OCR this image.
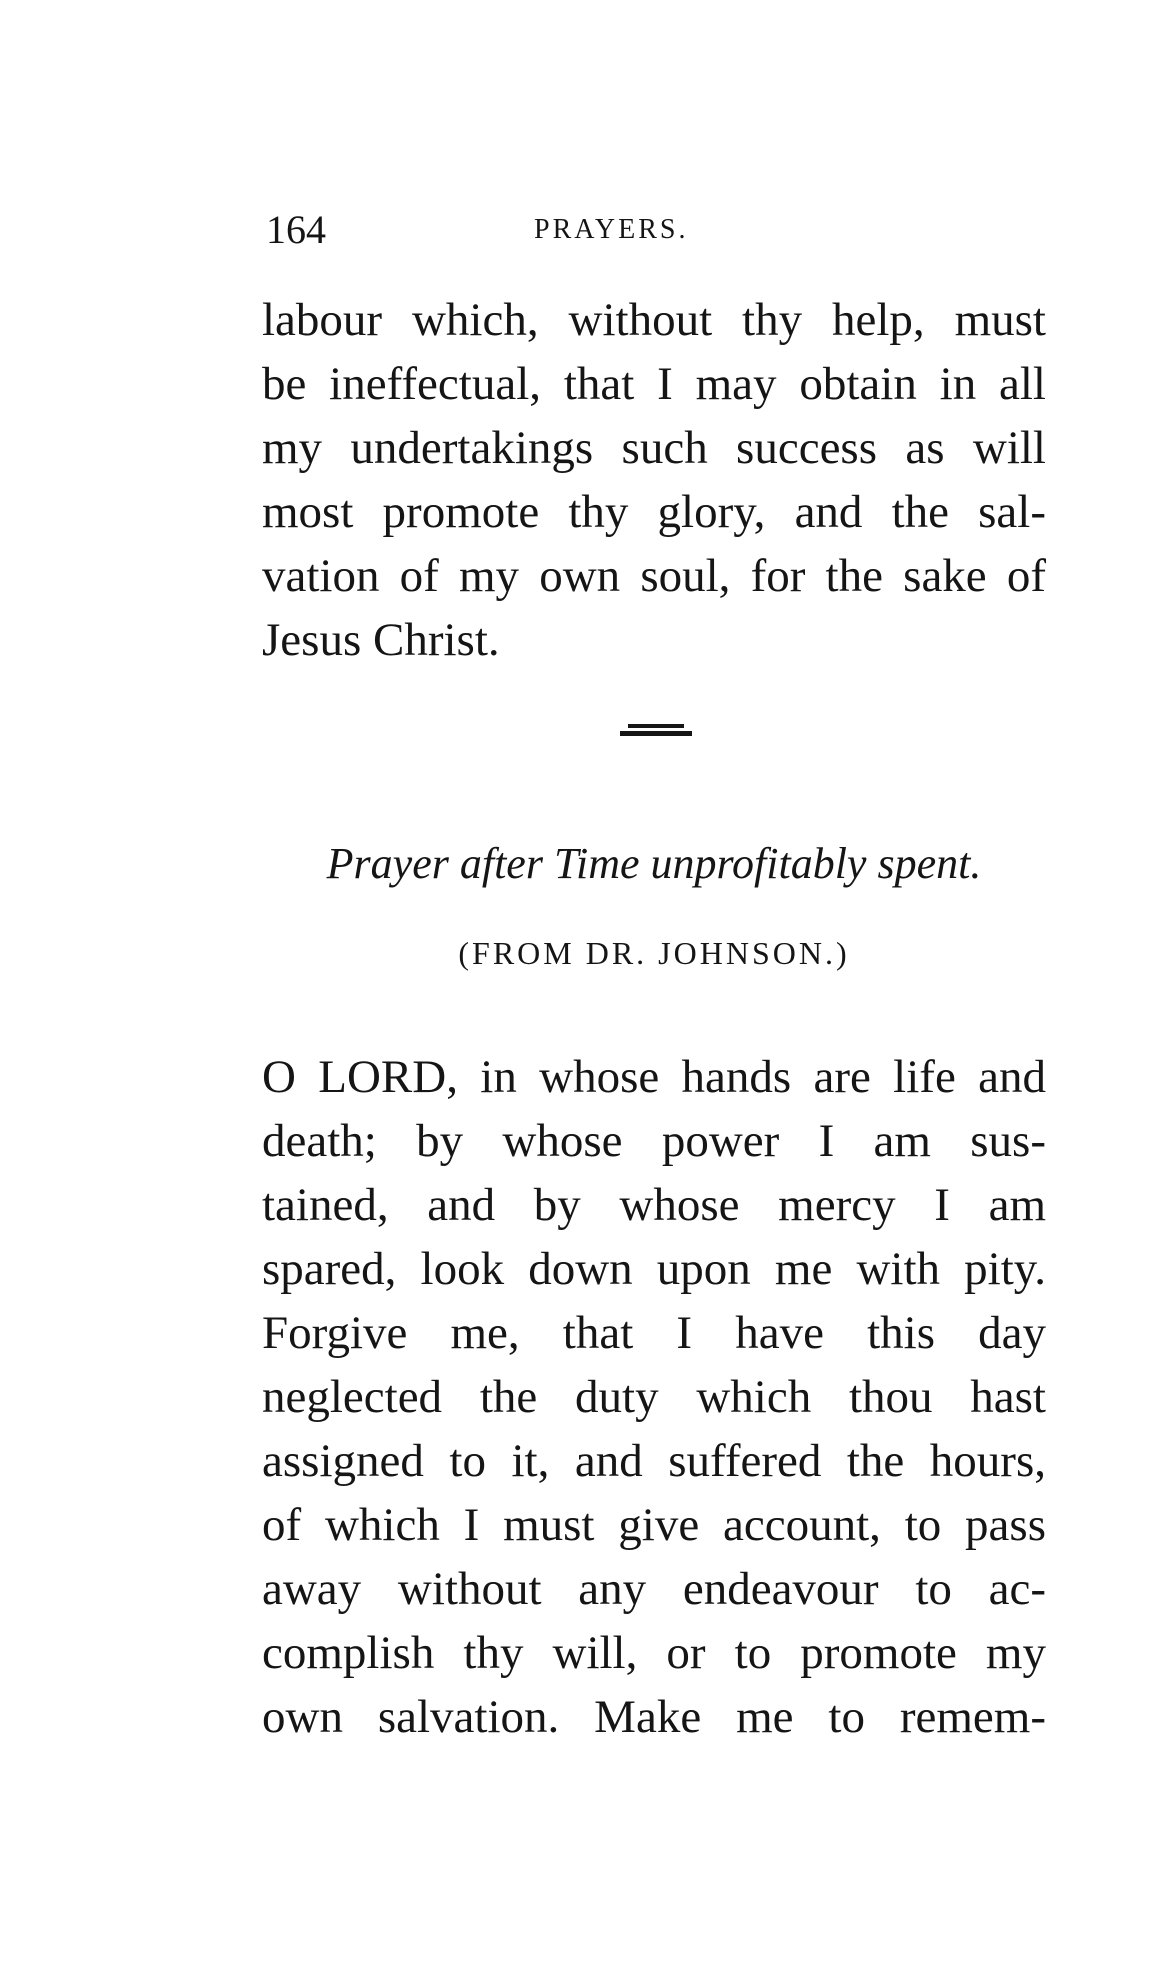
164	PRAYERS.
labour which, without thy help, must
be ineffectual, that I may obtain in all
my undertakings such success as will
most promote thy glory, and the sal-
vation of my own soul, for the sake of
Jesus Christ.
Prayer after Time unprofitably spent.
(FROM DR. JOHNSON.)
O LORD, in whose hands are life and
death; by whose power I am sus-
tained, and by whose mercy I am
spared, look down upon me with pity.
Forgive me, that I have this day
neglected the duty which thou hast
assigned to it, and suffered the hours,
of which I must give account, to pass
away without any endeavour to ac-
complish thy will, or to promote my
own salvation. Make me to remem-
